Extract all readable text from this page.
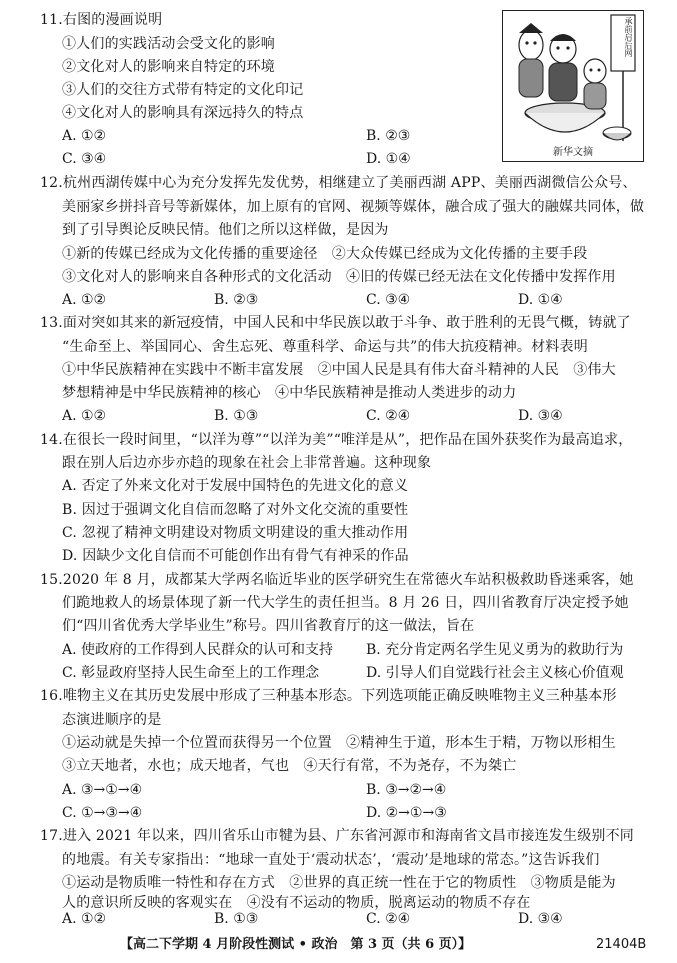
11.右图的漫画说明
①人们的实践活动会受文化的影响
②文化对人的影响来自特定的环境
③人们的交往方式带有特定的文化印记
④文化对人的影响具有深远持久的特点
A. ①②	B. ②③
C. ③④	D. ①④
承前启后网
新华文摘
12.杭州西湖传媒中心为充分发挥先发优势，相继建立了美丽西湖 APP、美丽西湖微信公众号、
美丽家乡拼抖音号等新媒体，加上原有的官网、视频等媒体，融合成了强大的融媒共同体，做
到了引导舆论反映民情。他们之所以这样做，是因为
①新的传媒已经成为文化传播的重要途径　②大众传媒已经成为文化传播的主要手段
③文化对人的影响来自各种形式的文化活动　④旧的传媒已经无法在文化传播中发挥作用
A. ①②	B. ②③	C. ③④	D. ①④
13.面对突如其来的新冠疫情，中国人民和中华民族以敢于斗争、敢于胜利的无畏气概，铸就了
“生命至上、举国同心、舍生忘死、尊重科学、命运与共”的伟大抗疫精神。材料表明
①中华民族精神在实践中不断丰富发展　②中国人民是具有伟大奋斗精神的人民　③伟大
梦想精神是中华民族精神的核心　④中华民族精神是推动人类进步的动力
A. ①②	B. ①③	C. ②④	D. ③④
14.在很长一段时间里，“以洋为尊”“以洋为美”“唯洋是从”，把作品在国外获奖作为最高追求，
跟在别人后边亦步亦趋的现象在社会上非常普遍。这种现象
A. 否定了外来文化对于发展中国特色的先进文化的意义
B. 因过于强调文化自信而忽略了对外文化交流的重要性
C. 忽视了精神文明建设对物质文明建设的重大推动作用
D. 因缺少文化自信而不可能创作出有骨气有神采的作品
15.2020 年 8 月，成都某大学两名临近毕业的医学研究生在常德火车站积极救助昏迷乘客，她
们跪地救人的场景体现了新一代大学生的责任担当。8 月 26 日，四川省教育厅决定授予她
们“四川省优秀大学毕业生”称号。四川省教育厅的这一做法，旨在
A. 使政府的工作得到人民群众的认可和支持 B. 充分肯定两名学生见义勇为的救助行为
C. 彰显政府坚持人民生命至上的工作理念	D. 引导人们自觉践行社会主义核心价值观
16.唯物主义在其历史发展中形成了三种基本形态。下列选项能正确反映唯物主义三种基本形
态演进顺序的是
①运动就是失掉一个位置而获得另一个位置　②精神生于道，形本生于精，万物以形相生
③立天地者，水也；成天地者，气也　④天行有常，不为尧存，不为桀亡
A. ③→①→④	B. ③→②→④
C. ①→③→④	D. ②→①→③
17.进入 2021 年以来，四川省乐山市犍为县、广东省河源市和海南省文昌市接连发生级别不同
的地震。有关专家指出：“地球一直处于‘震动状态’，‘震动’是地球的常态。”这告诉我们
①运动是物质唯一特性和存在方式　②世界的真正统一性在于它的物质性　③物质是能为
人的意识所反映的客观实在　④没有不运动的物质，脱离运动的物质不存在
A. ①②	B. ①③	C. ②④	D. ③④
【高二下学期 4 月阶段性测试 • 政治　第 3 页（共 6 页）】	21404B
